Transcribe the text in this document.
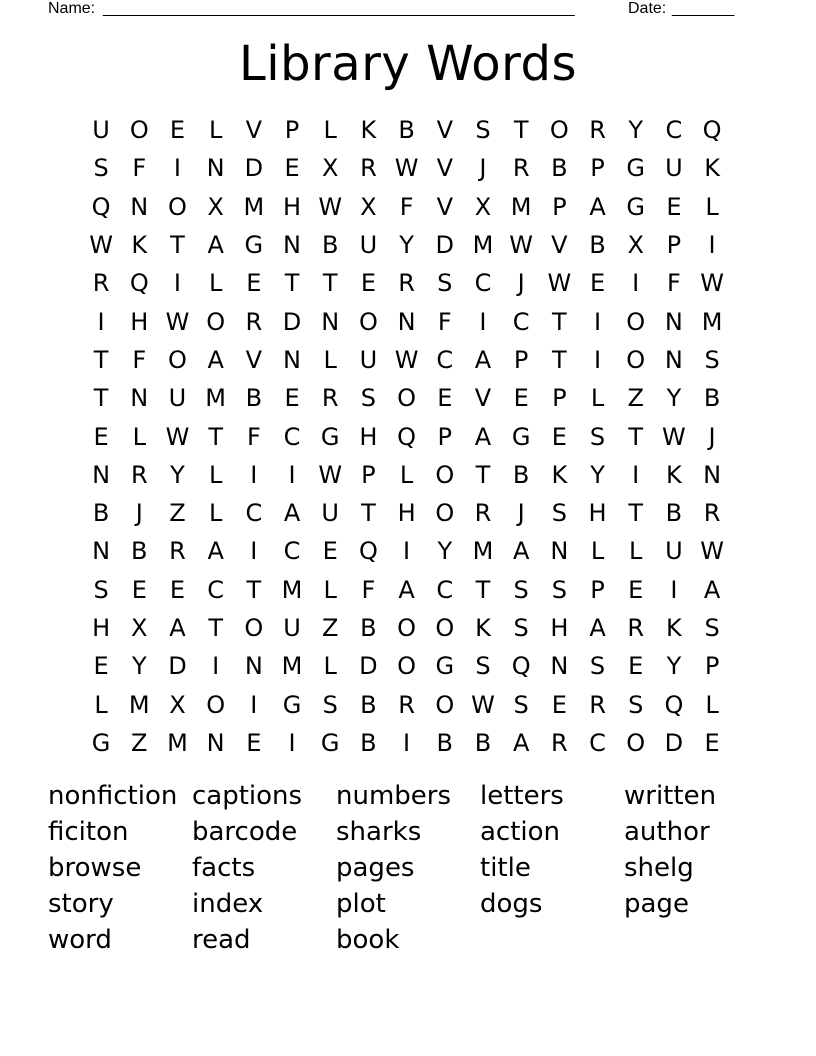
Name: _____________________________________________________	Date: _______
Library Words
U O E L V P	L K B V S T O R Y C Q
S F	I	N D E X R W V	J	R B P G U K
Q N O X M H W X F V X M P A G E L
W K T A G N B U Y D M W V B X P	I
R Q	I	L E T T E R S C	J W E	I	F W
I	H W O R D N O N F	I	C T	I	O N M
T F O A V N L U W C A P T	I	O N S
T N U M B E R S O E V E P	L Z Y B
E L W T F C G H Q P A G E S T W J
N R Y	L	I	I W P	L O T B K Y	I	K N
B	J	Z L C A U T H O R	J	S H T B R
N B R A	I	C E Q	I	Y M A N L	L U W
S E E C T M L	F A C T S S P E	I	A
H X A T O U Z B O O K S H A R K S
E Y D	I	N M L D O G S Q N S E Y P
L M X O	I	G S B R O W S E R S Q L
G Z M N E	I	G B	I	B B A R C O D E
nonfiction captions	numbers	letters	written
ficiton	barcode	sharks	action	author
browse	facts	pages	title	shelg
story	index	plot	dogs	page
word	read	book
